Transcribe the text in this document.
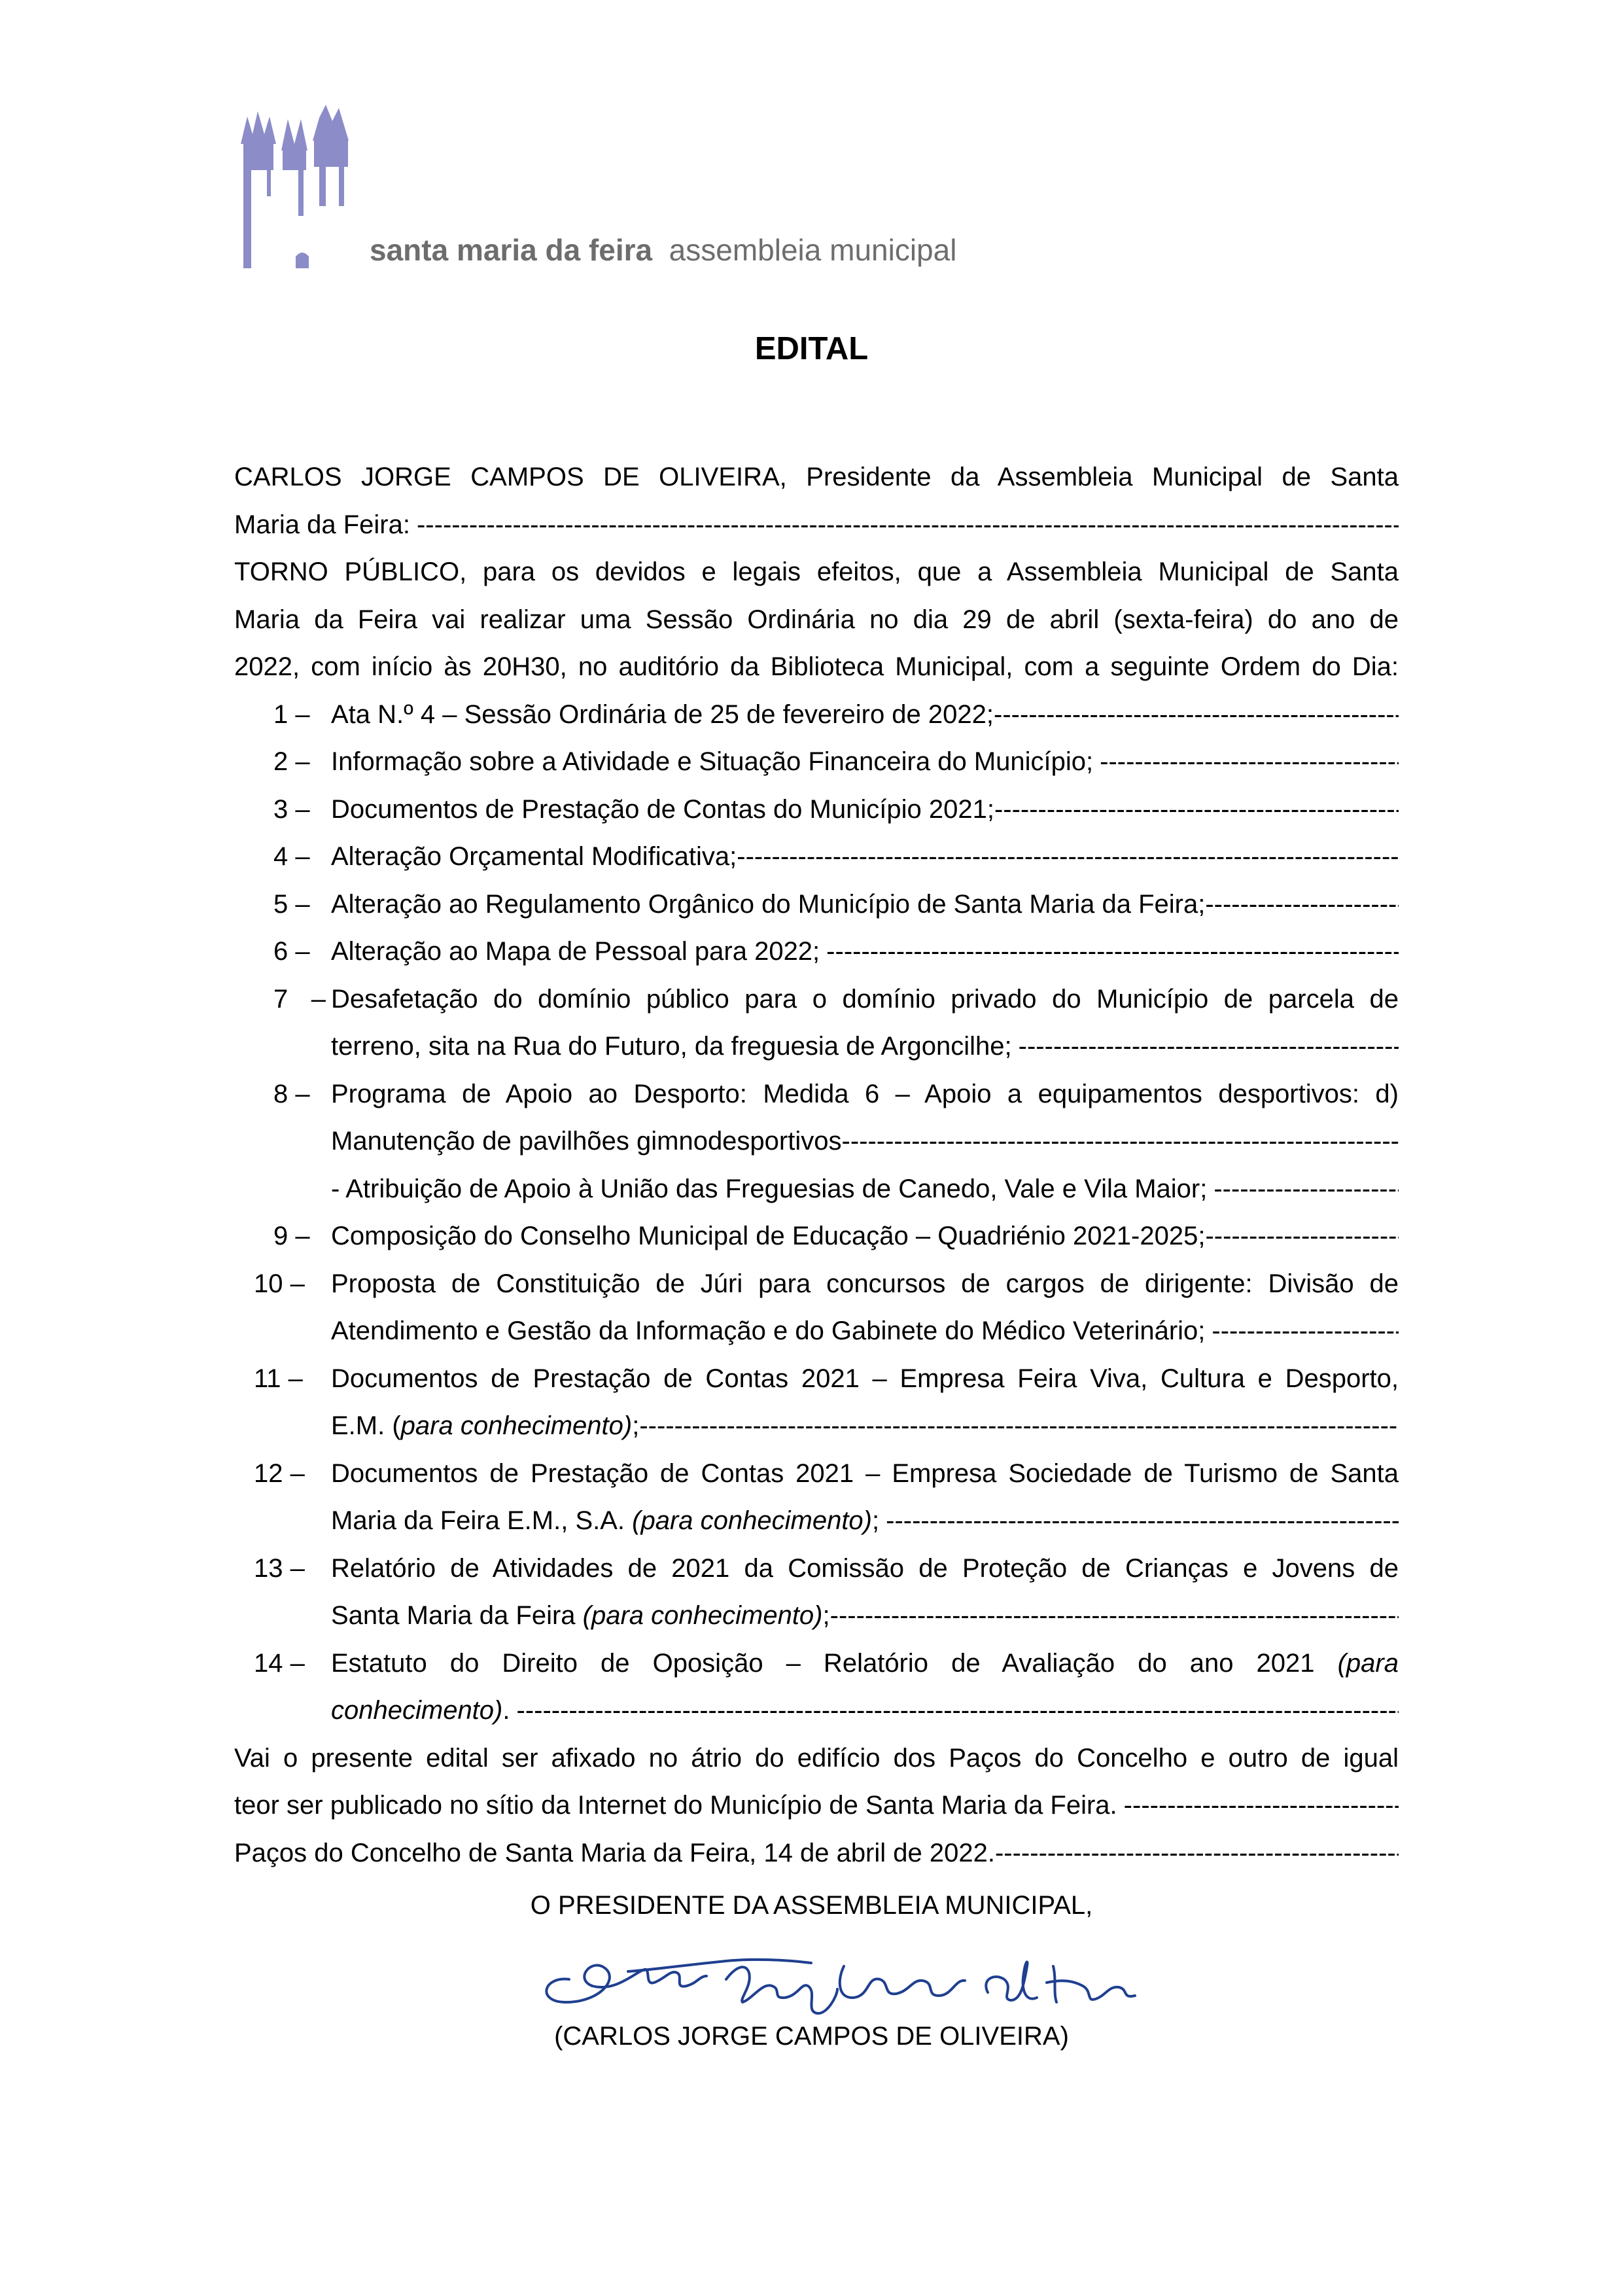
santa maria da feira assembleia municipal
EDITAL
CARLOS JORGE CAMPOS DE OLIVEIRA, Presidente da Assembleia Municipal de Santa
Maria da Feira:
-----
TORNO PÚBLICO, para os devidos e legais efeitos, que a Assembleia Municipal de Santa
Maria da Feira vai realizar uma Sessão Ordinária no dia 29 de abril (sexta-feira) do ano de
2022, com início às 20H30, no auditório da Biblioteca Municipal, com a seguinte Ordem do Dia:
1 – Ata N.º 4 – Sessão Ordinária de 25 de fevereiro de 2022;
-----
2 – Informação sobre a Atividade e Situação Financeira do Município;
-----
3 – Documentos de Prestação de Contas do Município 2021;
-----
4 – Alteração Orçamental Modificativa;
-----
5 – Alteração ao Regulamento Orgânico do Município de Santa Maria da Feira;
-----
6 – Alteração ao Mapa de Pessoal para 2022;
-----
7 – Desafetação do domínio público para o domínio privado do Município de parcela de
terreno, sita na Rua do Futuro, da freguesia de Argoncilhe;
-----
8 – Programa de Apoio ao Desporto: Medida 6 – Apoio a equipamentos desportivos: d)
Manutenção de pavilhões gimnodesportivos
-----
- Atribuição de Apoio à União das Freguesias de Canedo, Vale e Vila Maior;
-----
9 – Composição do Conselho Municipal de Educação – Quadriénio 2021-2025;
-----
10 –	Proposta de Constituição de Júri para concursos de cargos de dirigente: Divisão de
Atendimento e Gestão da Informação e do Gabinete do Médico Veterinário;
-----
11 –	Documentos de Prestação de Contas 2021 – Empresa Feira Viva, Cultura e Desporto,
E.M. ( para conhecimento) ;
-----
12 –	Documentos de Prestação de Contas 2021 – Empresa Sociedade de Turismo de Santa
Maria da Feira E.M., S.A. (para conhecimento) ;
-----
13 –	Relatório de Atividades de 2021 da Comissão de Proteção de Crianças e Jovens de
Santa Maria da Feira (para conhecimento) ;
-----
14 –	Estatuto do Direito de Oposição – Relatório de Avaliação do ano 2021 (para
conhecimento) .
-----
Vai o presente edital ser afixado no átrio do edifício dos Paços do Concelho e outro de igual
teor ser publicado no sítio da Internet do Município de Santa Maria da Feira.
-----
Paços do Concelho de Santa Maria da Feira, 14 de abril de 2022.
-----
O PRESIDENTE DA ASSEMBLEIA MUNICIPAL,
(CARLOS JORGE CAMPOS DE OLIVEIRA)
